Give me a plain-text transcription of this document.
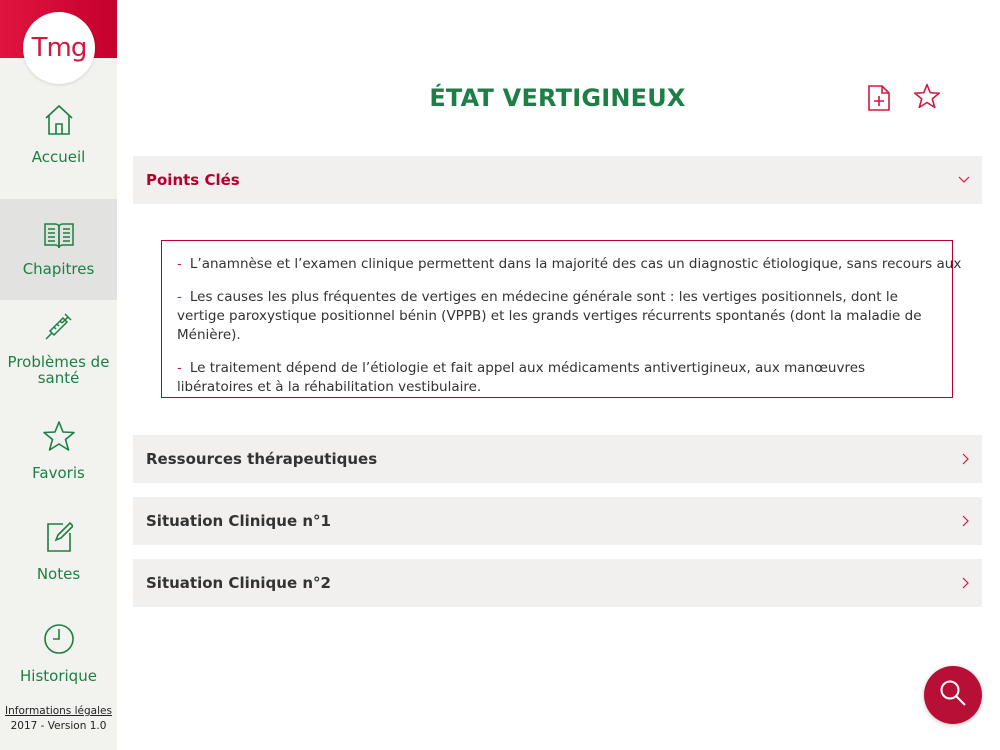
Tmg
Accueil
Chapitres
Problèmes de santé
Favoris
Notes
Historique
Informations légales
2017 - Version 1.0
ÉTAT VERTIGINEUX
Points Clés
- L’anamnèse et l’examen clinique permettent dans la majorité des cas un diagnostic étiologique, sans recours aux
- Les causes les plus fréquentes de vertiges en médecine générale sont : les vertiges positionnels, dont le vertige paroxystique positionnel bénin (VPPB) et les grands vertiges récurrents spontanés (dont la maladie de Ménière).
- Le traitement dépend de l’étiologie et fait appel aux médicaments antivertigineux, aux manœuvres libératoires et à la réhabilitation vestibulaire.
Ressources thérapeutiques
Situation Clinique n°1
Situation Clinique n°2
